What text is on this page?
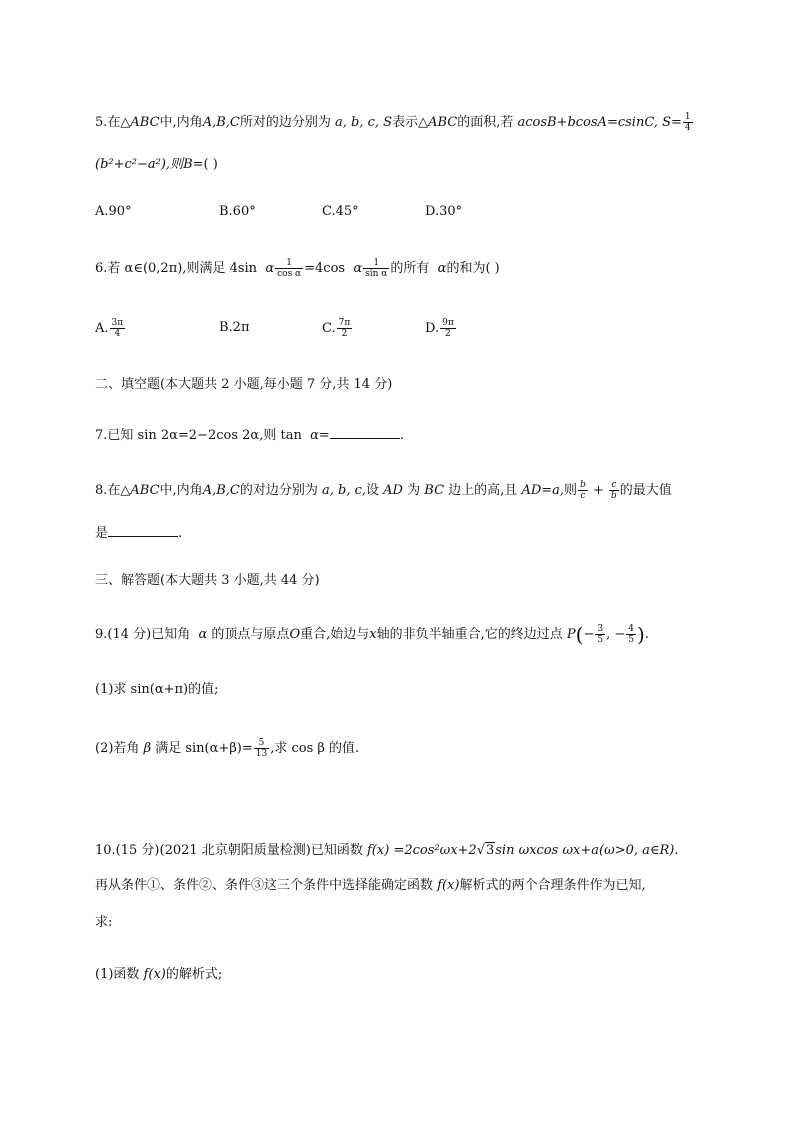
5.在△ABC中,内角A,B,C所对的边分别为 a, b, c, S表示△ABC的面积,若 acosB+bcosA=csinC, $S= \frac{1}{4}$
(b²+c²−a²),则B=( )
A.90°	B.60°	C.45°	D.30°
6.若 α∈(0,2π),则满足 4sin α $\frac{1}{\text{cos α}} =4\cos$ α $\frac{1}{\text{sin α}}$ 的所有 α的和为( )
A. $\frac{3\pi}{4}$	B.2π	C. $\frac{7\pi}{2}$	D. $\frac{9\pi}{2}$
二、填空题(本大题共 2 小题,每小题 7 分,共 14 分)
7.已知 sin 2α=2−2cos 2α,则 tan α=	.
8.在△ABC中,内角A,B,C的对边分别为 a, b, c,设 AD 为 BC 边上的高,且 AD=a,则 $\frac{b}{c} + \frac{c}{b}$ 的最大值
是	.
三、解答题(本大题共 3 小题,共 44 分)
9.(14 分)已知角 α 的顶点与原点O重合,始边与x轴的非负半轴重合,它的终边过点 $P(- \frac{3}{5}$ , − $\frac{4}{5}$ ).
(1)求 sin(α+π)的值;
(2)若角 β 满足 $\sin(\alpha+\beta)= \frac{5}{13}$ ,求 cos β 的值.
10.(15 分)(2021 北京朝阳质量检测)已知函数 f(x) =2cos²ωx+2√3sin ωxcos ωx+a(ω>0, a∈R).
再从条件①、条件②、条件③这三个条件中选择能确定函数 f(x)解析式的两个合理条件作为已知,
求:
(1)函数 f(x)的解析式;
